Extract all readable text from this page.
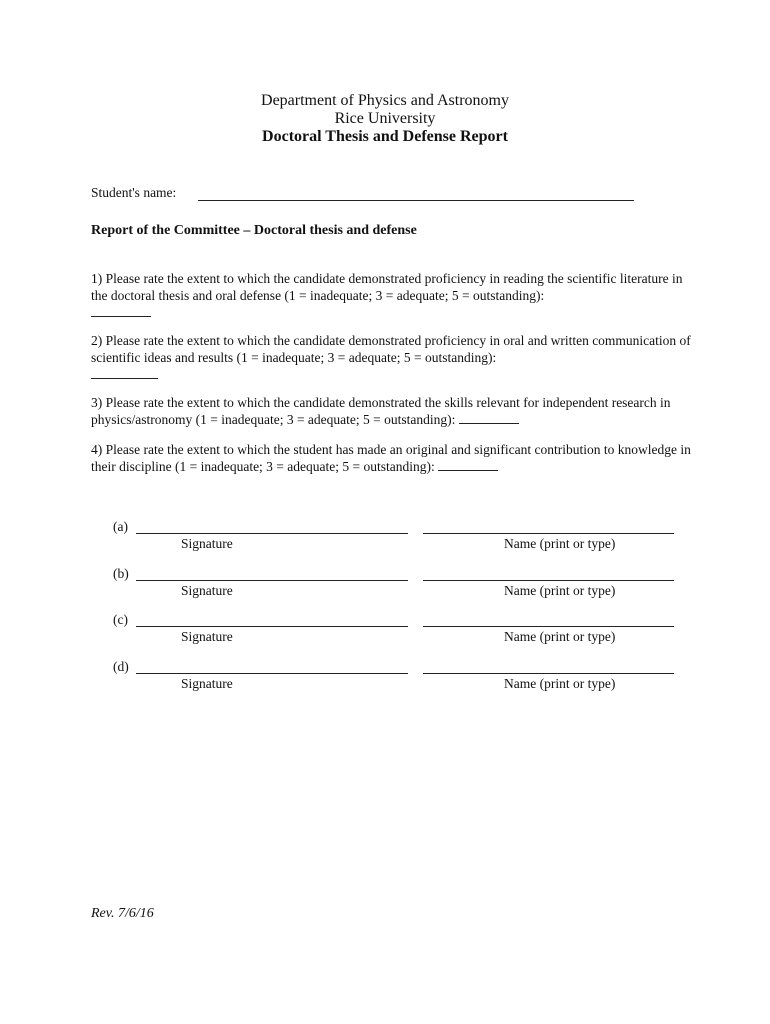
Department of Physics and Astronomy
Rice University
Doctoral Thesis and Defense Report
Student's name:
Report of the Committee – Doctoral thesis and defense
1) Please rate the extent to which the candidate demonstrated proficiency in reading the scientific literature in the doctoral thesis and oral defense (1 = inadequate; 3 = adequate; 5 = outstanding):

2) Please rate the extent to which the candidate demonstrated proficiency in oral and written communication of scientific ideas and results (1 = inadequate; 3 = adequate; 5 = outstanding):

3) Please rate the extent to which the candidate demonstrated the skills relevant for independent research in physics/astronomy (1 = inadequate; 3 = adequate; 5 = outstanding):
4) Please rate the extent to which the student has made an original and significant contribution to knowledge in their discipline (1 = inadequate; 3 = adequate; 5 = outstanding):
(a)
Signature	Name (print or type)
(b)
Signature	Name (print or type)
(c)
Signature	Name (print or type)
(d)
Signature	Name (print or type)
Rev. 7/6/16
